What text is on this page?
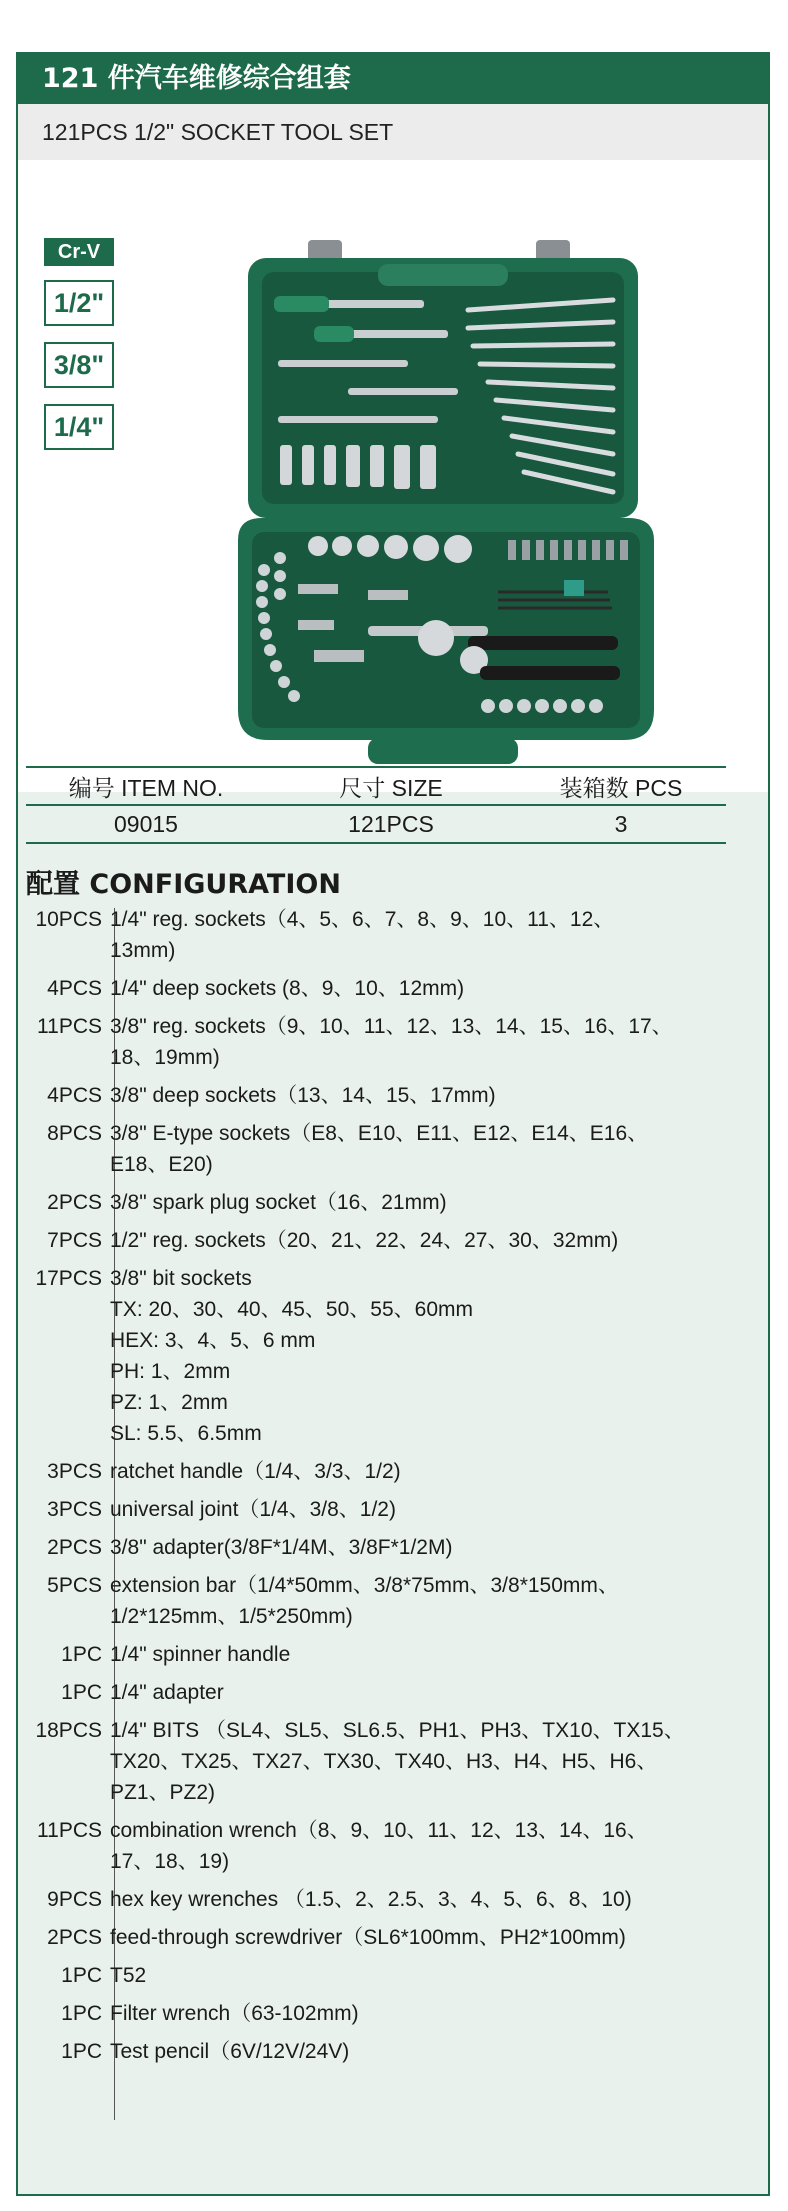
121 件汽车维修综合组套
121PCS 1/2" SOCKET TOOL SET
Cr-V
1/2"
3/8"
1/4"
编号 ITEM NO.	尺寸 SIZE	装箱数 PCS
09015	121PCS	3
配置 CONFIGURATION
10PCS 1/4" reg. sockets（4、5、6、7、8、9、10、11、12、
13mm)
4PCS 1/4" deep sockets (8、9、10、12mm)
11PCS 3/8" reg. sockets（9、10、11、12、13、14、15、16、17、
18、19mm)
4PCS 3/8" deep sockets（13、14、15、17mm)
8PCS 3/8" E-type sockets（E8、E10、E11、E12、E14、E16、
E18、E20)
2PCS 3/8" spark plug socket（16、21mm)
7PCS 1/2" reg. sockets（20、21、22、24、27、30、32mm)
17PCS 3/8" bit sockets
TX: 20、30、40、45、50、55、60mm
HEX: 3、4、5、6 mm
PH: 1、2mm
PZ: 1、2mm
SL: 5.5、6.5mm
3PCS ratchet handle（1/4、3/3、1/2)
3PCS universal joint（1/4、3/8、1/2)
2PCS 3/8" adapter(3/8F*1/4M、3/8F*1/2M)
5PCS extension bar（1/4*50mm、3/8*75mm、3/8*150mm、
1/2*125mm、1/5*250mm)
1PC 1/4" spinner handle
1PC 1/4" adapter
18PCS 1/4" BITS （SL4、SL5、SL6.5、PH1、PH3、TX10、TX15、
TX20、TX25、TX27、TX30、TX40、H3、H4、H5、H6、
PZ1、PZ2)
11PCS combination wrench（8、9、10、11、12、13、14、16、
17、18、19)
9PCS hex key wrenches （1.5、2、2.5、3、4、5、6、8、10)
2PCS feed-through screwdriver（SL6*100mm、PH2*100mm)
1PC T52
1PC Filter wrench（63-102mm)
1PC Test pencil（6V/12V/24V)
